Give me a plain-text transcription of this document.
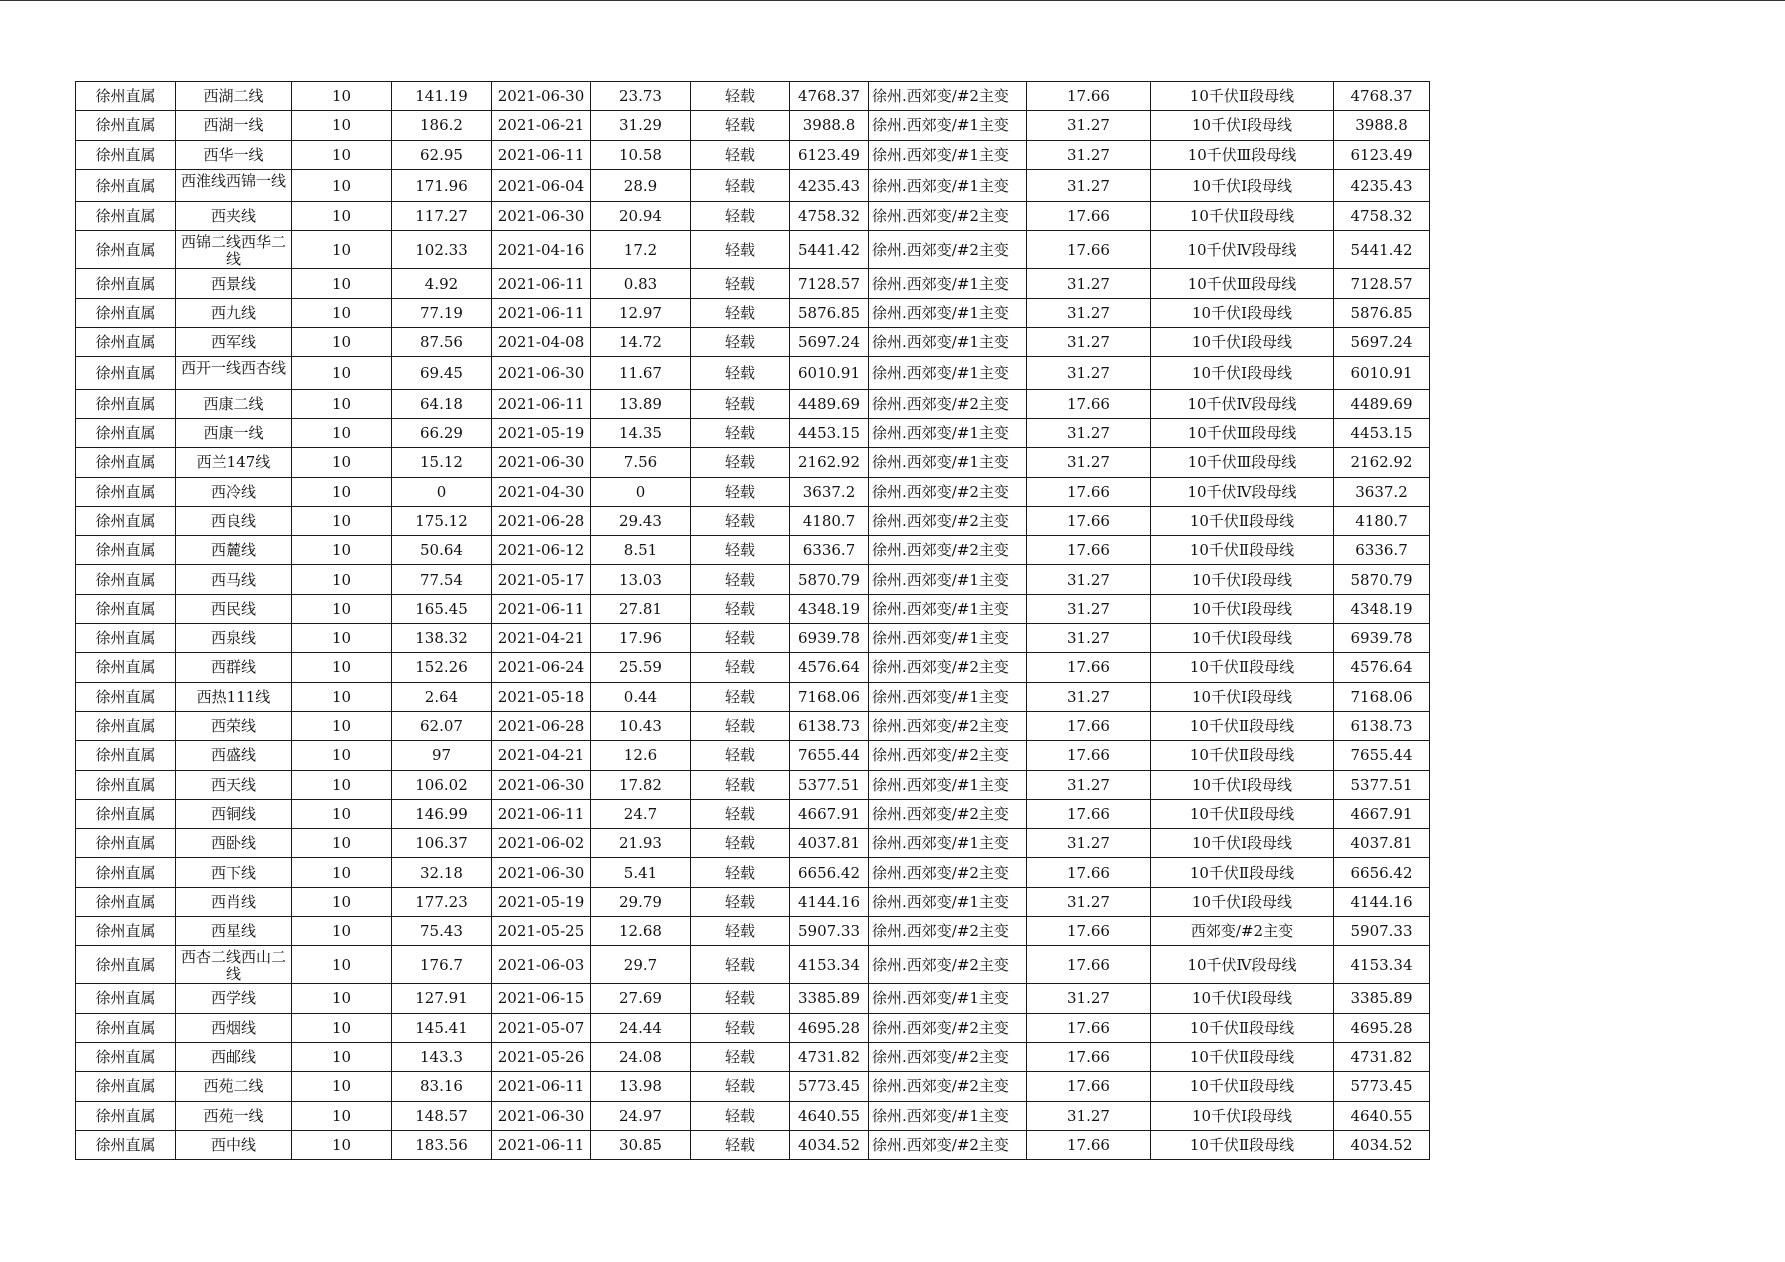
徐州直属	西湖二线	10	141.19	2021-06-30	23.73	轻载	4768.37	徐州.西郊变/#2主变	17.66	10千伏Ⅱ段母线	4768.37
徐州直属	西湖一线	10	186.2	2021-06-21	31.29	轻载	3988.8	徐州.西郊变/#1主变	31.27	10千伏Ⅰ段母线	3988.8
徐州直属	西华一线	10	62.95	2021-06-11	10.58	轻载	6123.49	徐州.西郊变/#1主变	31.27	10千伏Ⅲ段母线	6123.49
徐州直属	西淮线西锦一线	10	171.96	2021-06-04	28.9	轻载	4235.43	徐州.西郊变/#1主变	31.27	10千伏Ⅰ段母线	4235.43
徐州直属	西夹线	10	117.27	2021-06-30	20.94	轻载	4758.32	徐州.西郊变/#2主变	17.66	10千伏Ⅱ段母线	4758.32
徐州直属	西锦二线西华二线	10	102.33	2021-04-16	17.2	轻载	5441.42	徐州.西郊变/#2主变	17.66	10千伏Ⅳ段母线	5441.42
徐州直属	西景线	10	4.92	2021-06-11	0.83	轻载	7128.57	徐州.西郊变/#1主变	31.27	10千伏Ⅲ段母线	7128.57
徐州直属	西九线	10	77.19	2021-06-11	12.97	轻载	5876.85	徐州.西郊变/#1主变	31.27	10千伏Ⅰ段母线	5876.85
徐州直属	西军线	10	87.56	2021-04-08	14.72	轻载	5697.24	徐州.西郊变/#1主变	31.27	10千伏Ⅰ段母线	5697.24
徐州直属	西开一线西杏线	10	69.45	2021-06-30	11.67	轻载	6010.91	徐州.西郊变/#1主变	31.27	10千伏Ⅰ段母线	6010.91
徐州直属	西康二线	10	64.18	2021-06-11	13.89	轻载	4489.69	徐州.西郊变/#2主变	17.66	10千伏Ⅳ段母线	4489.69
徐州直属	西康一线	10	66.29	2021-05-19	14.35	轻载	4453.15	徐州.西郊变/#1主变	31.27	10千伏Ⅲ段母线	4453.15
徐州直属	西兰147线	10	15.12	2021-06-30	7.56	轻载	2162.92	徐州.西郊变/#1主变	31.27	10千伏Ⅲ段母线	2162.92
徐州直属	西冷线	10	0	2021-04-30	0	轻载	3637.2	徐州.西郊变/#2主变	17.66	10千伏Ⅳ段母线	3637.2
徐州直属	西良线	10	175.12	2021-06-28	29.43	轻载	4180.7	徐州.西郊变/#2主变	17.66	10千伏Ⅱ段母线	4180.7
徐州直属	西麓线	10	50.64	2021-06-12	8.51	轻载	6336.7	徐州.西郊变/#2主变	17.66	10千伏Ⅱ段母线	6336.7
徐州直属	西马线	10	77.54	2021-05-17	13.03	轻载	5870.79	徐州.西郊变/#1主变	31.27	10千伏Ⅰ段母线	5870.79
徐州直属	西民线	10	165.45	2021-06-11	27.81	轻载	4348.19	徐州.西郊变/#1主变	31.27	10千伏Ⅰ段母线	4348.19
徐州直属	西泉线	10	138.32	2021-04-21	17.96	轻载	6939.78	徐州.西郊变/#1主变	31.27	10千伏Ⅰ段母线	6939.78
徐州直属	西群线	10	152.26	2021-06-24	25.59	轻载	4576.64	徐州.西郊变/#2主变	17.66	10千伏Ⅱ段母线	4576.64
徐州直属	西热111线	10	2.64	2021-05-18	0.44	轻载	7168.06	徐州.西郊变/#1主变	31.27	10千伏Ⅰ段母线	7168.06
徐州直属	西荣线	10	62.07	2021-06-28	10.43	轻载	6138.73	徐州.西郊变/#2主变	17.66	10千伏Ⅱ段母线	6138.73
徐州直属	西盛线	10	97	2021-04-21	12.6	轻载	7655.44	徐州.西郊变/#2主变	17.66	10千伏Ⅱ段母线	7655.44
徐州直属	西天线	10	106.02	2021-06-30	17.82	轻载	5377.51	徐州.西郊变/#1主变	31.27	10千伏Ⅰ段母线	5377.51
徐州直属	西铜线	10	146.99	2021-06-11	24.7	轻载	4667.91	徐州.西郊变/#2主变	17.66	10千伏Ⅱ段母线	4667.91
徐州直属	西卧线	10	106.37	2021-06-02	21.93	轻载	4037.81	徐州.西郊变/#1主变	31.27	10千伏Ⅰ段母线	4037.81
徐州直属	西下线	10	32.18	2021-06-30	5.41	轻载	6656.42	徐州.西郊变/#2主变	17.66	10千伏Ⅱ段母线	6656.42
徐州直属	西肖线	10	177.23	2021-05-19	29.79	轻载	4144.16	徐州.西郊变/#1主变	31.27	10千伏Ⅰ段母线	4144.16
徐州直属	西星线	10	75.43	2021-05-25	12.68	轻载	5907.33	徐州.西郊变/#2主变	17.66	西郊变/#2主变	5907.33
徐州直属	西杏二线西山二线	10	176.7	2021-06-03	29.7	轻载	4153.34	徐州.西郊变/#2主变	17.66	10千伏Ⅳ段母线	4153.34
徐州直属	西学线	10	127.91	2021-06-15	27.69	轻载	3385.89	徐州.西郊变/#1主变	31.27	10千伏Ⅰ段母线	3385.89
徐州直属	西烟线	10	145.41	2021-05-07	24.44	轻载	4695.28	徐州.西郊变/#2主变	17.66	10千伏Ⅱ段母线	4695.28
徐州直属	西邮线	10	143.3	2021-05-26	24.08	轻载	4731.82	徐州.西郊变/#2主变	17.66	10千伏Ⅱ段母线	4731.82
徐州直属	西苑二线	10	83.16	2021-06-11	13.98	轻载	5773.45	徐州.西郊变/#2主变	17.66	10千伏Ⅱ段母线	5773.45
徐州直属	西苑一线	10	148.57	2021-06-30	24.97	轻载	4640.55	徐州.西郊变/#1主变	31.27	10千伏Ⅰ段母线	4640.55
徐州直属	西中线	10	183.56	2021-06-11	30.85	轻载	4034.52	徐州.西郊变/#2主变	17.66	10千伏Ⅱ段母线	4034.52
